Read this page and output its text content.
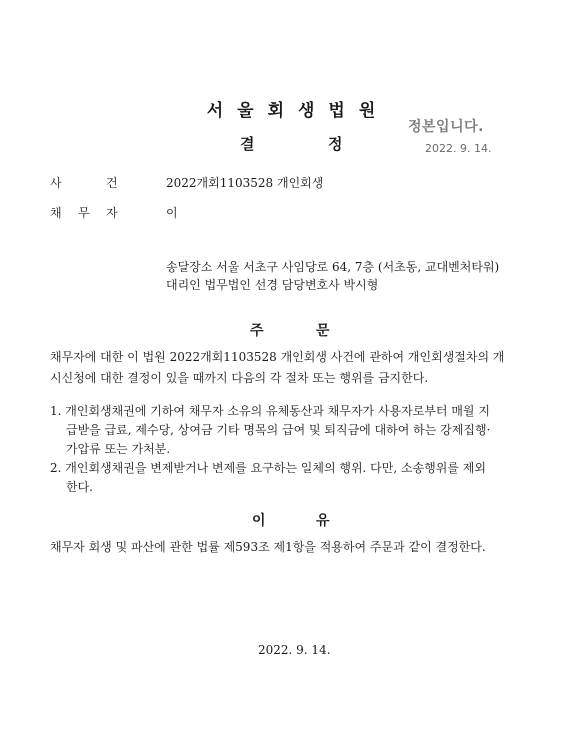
서울회생법원
결	정
정본입니다.
2022. 9. 14.
사	건	2022개회1103528 개인회생
채 무 자	이
송달장소 서울 서초구 사임당로 64, 7층 (서초동, 교대벤처타워)
대리인 법무법인 선경 담당변호사 박시형
주	문
채무자에 대한 이 법원 2022개회1103528 개인회생 사건에 관하여 개인회생절차의 개
시신청에 대한 결정이 있을 때까지 다음의 각 절차 또는 행위를 금지한다.
1. 개인회생채권에 기하여 채무자 소유의 유체동산과 채무자가 사용자로부터 매월 지
급받을 급료, 제수당, 상여금 기타 명목의 급여 및 퇴직금에 대하여 하는 강제집행·
가압류 또는 가처분.
2. 개인회생채권을 변제받거나 변제를 요구하는 일체의 행위. 다만, 소송행위를 제외
한다.
이	유
채무자 회생 및 파산에 관한 법률 제593조 제1항을 적용하여 주문과 같이 결정한다.
2022. 9. 14.
